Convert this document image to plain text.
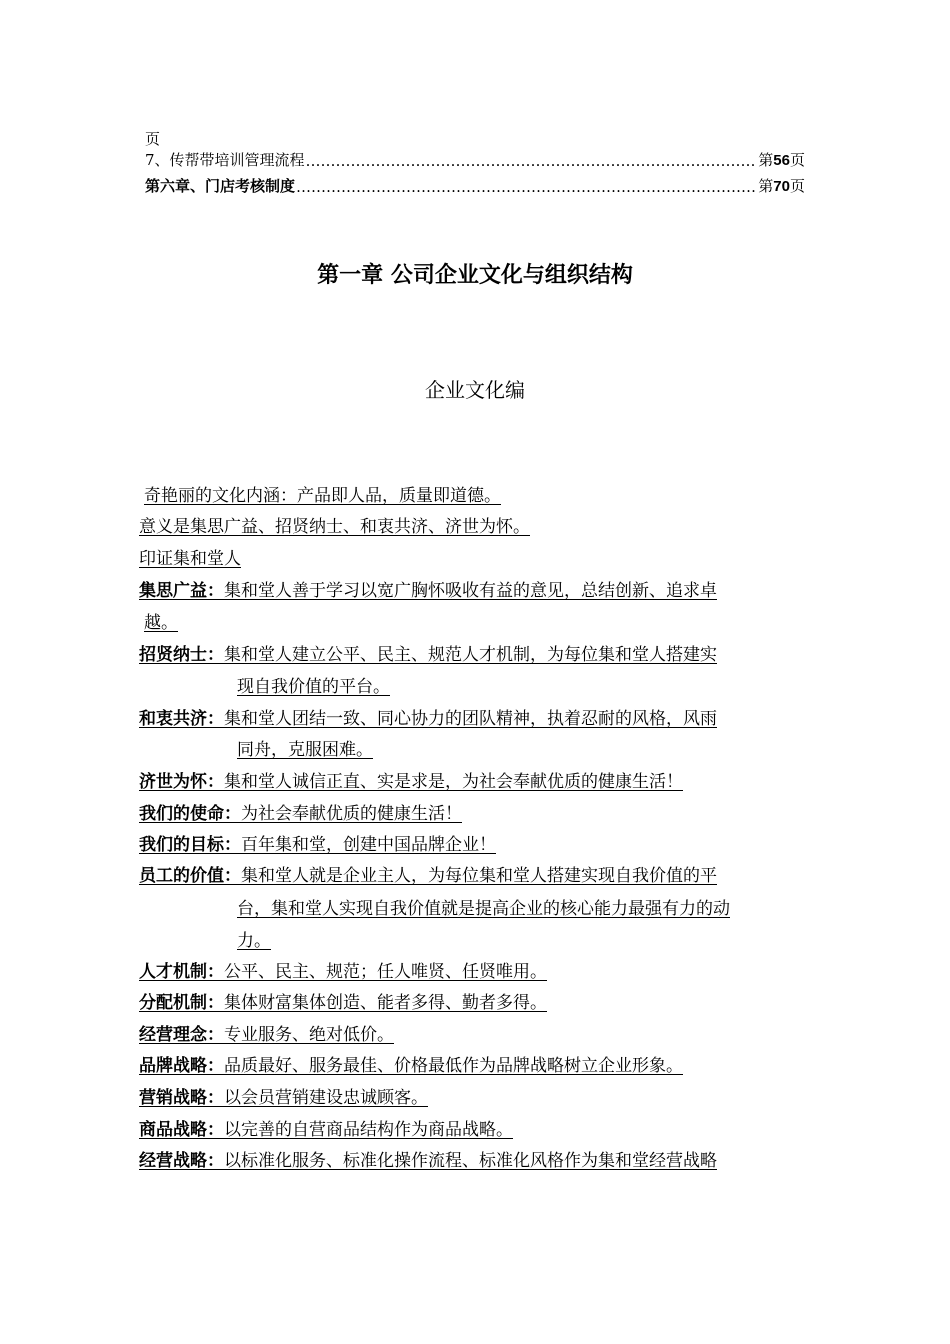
页
7、传帮带培训管理流程 …………………………………………………………………………………………………………………………………………………………	第56页
第六章、门店考核制度 …………………………………………………………………………………………………………………………………………………………	第70页
第一章 公司企业文化与组织结构
企业文化编
奇艳丽的文化内涵：产品即人品，质量即道德。
意义是集思广益、招贤纳士、和衷共济、济世为怀。
印证集和堂人
集思广益：集和堂人善于学习以宽广胸怀吸收有益的意见，总结创新、追求卓
越。
招贤纳士：集和堂人建立公平、民主、规范人才机制，为每位集和堂人搭建实
现自我价值的平台。
和衷共济：集和堂人团结一致、同心协力的团队精神，执着忍耐的风格，风雨
同舟，克服困难。
济世为怀：集和堂人诚信正直、实是求是，为社会奉献优质的健康生活！
我们的使命：为社会奉献优质的健康生活！
我们的目标：百年集和堂，创建中国品牌企业！
员工的价值：集和堂人就是企业主人，为每位集和堂人搭建实现自我价值的平
台，集和堂人实现自我价值就是提高企业的核心能力最强有力的动
力。
人才机制：公平、民主、规范；任人唯贤、任贤唯用。
分配机制：集体财富集体创造、能者多得、勤者多得。
经营理念：专业服务、绝对低价。
品牌战略：品质最好、服务最佳、价格最低作为品牌战略树立企业形象。
营销战略：以会员营销建设忠诚顾客。
商品战略：以完善的自营商品结构作为商品战略。
经营战略：以标准化服务、标准化操作流程、标准化风格作为集和堂经营战略
